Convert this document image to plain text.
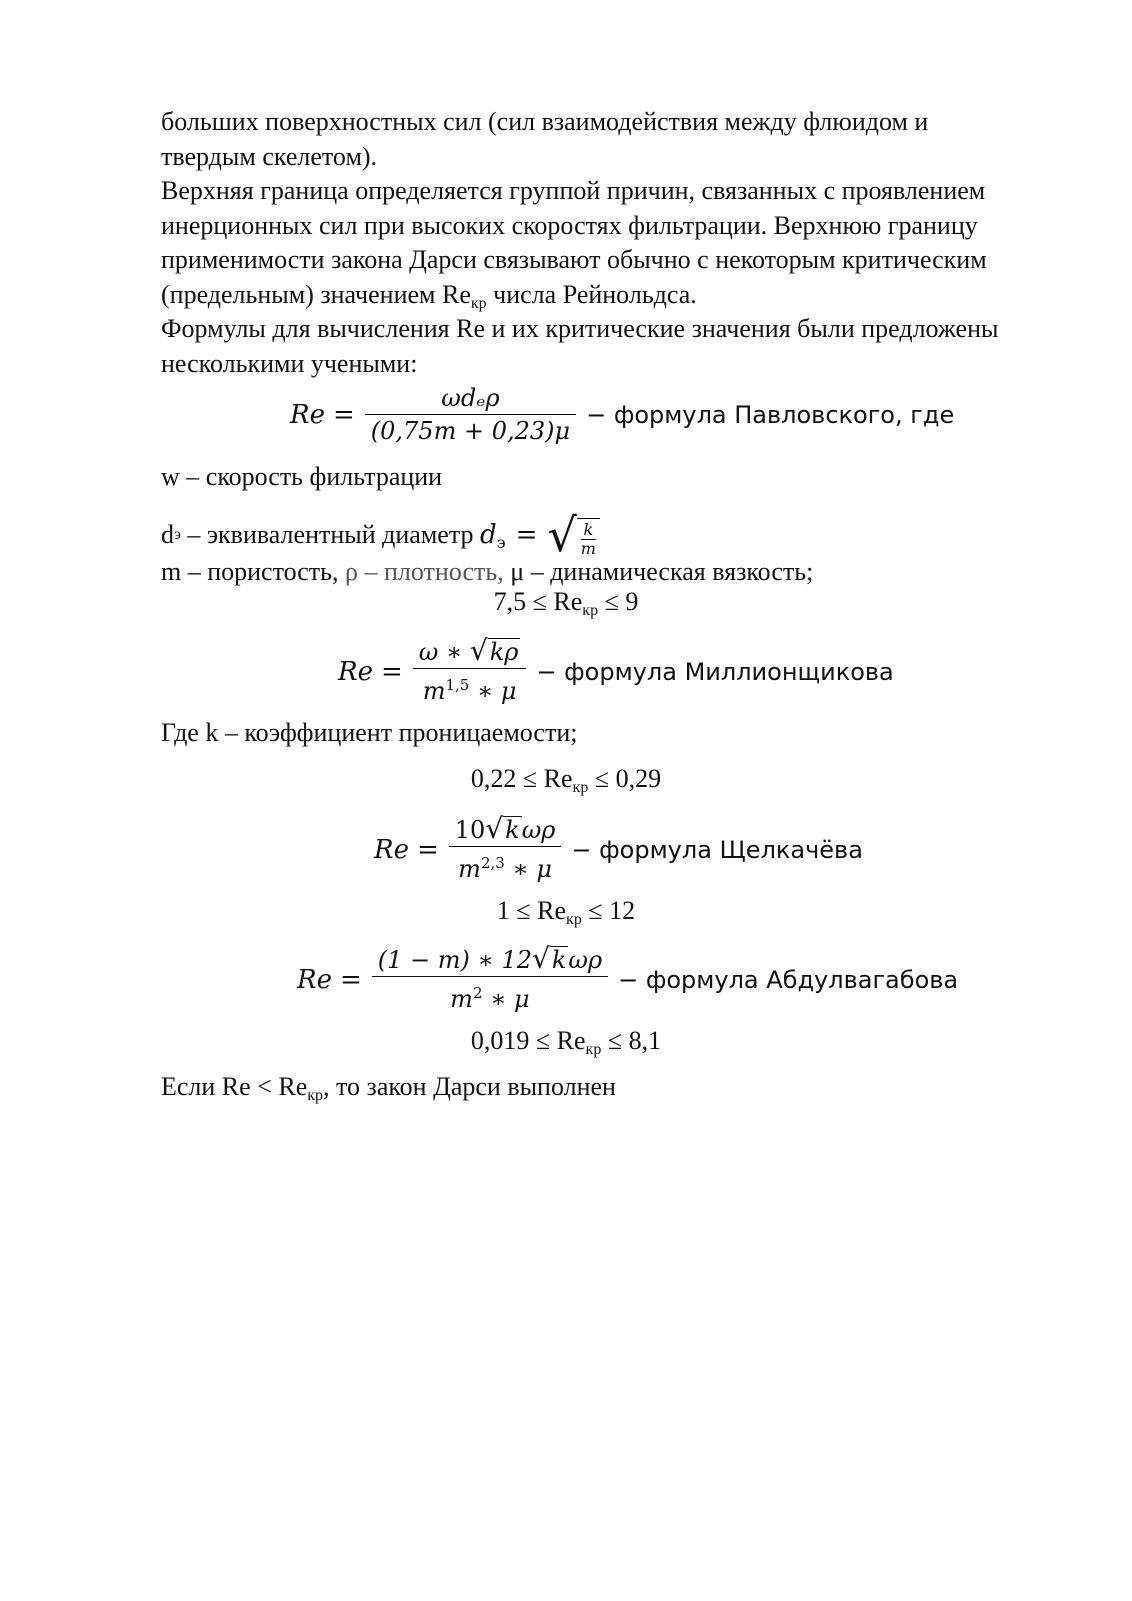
больших поверхностных сил (сил взаимодействия между флюидом и

твердым скелетом).

Верхняя граница определяется группой причин, связанных с проявлением

инерционных сил при высоких скоростях фильтрации. Верхнюю границу

применимости закона Дарси связывают обычно с некоторым критическим

(предельным) значением $Re_{кр}$ числа Рейнольдса.

Формулы для вычисления Re и их критические значения были предложены

несколькими учеными:

$Re = \frac{\text{ωdₑρ}}{(0,75m + 0,23)\mu}$ − формула Павловского, где

w – скорость фильтрации

d э – эквивалентный диаметр $d_э$ = √ $\frac{k}{m}$

m – пористость, ρ – плотность, μ – динамическая вязкость;

$7,5 \le Re_{кр} \le 9$
$Re = \frac{\omega ∗ √ k\rho}{m^{1,5} ∗ \mu}$ − формула Миллионщикова

Где k – коэффициент проницаемости;

$0,22 \le Re_{кр} \le 0,29$
$Re = \frac{\text{10 √ k ωρ}}{m^{2,3} ∗ \mu}$ − формула Щелкачёва
$1 \le Re_{кр} \le 12$
$Re = \frac{\text{(1 − m) ∗ 12 √ k ωρ}}{m^2 ∗ \mu}$ − формула Абдулвагабова
$0,019 \le Re_{кр} \le 8,1$

Если $Re < Re_{кр}$, то закон Дарси выполнен
